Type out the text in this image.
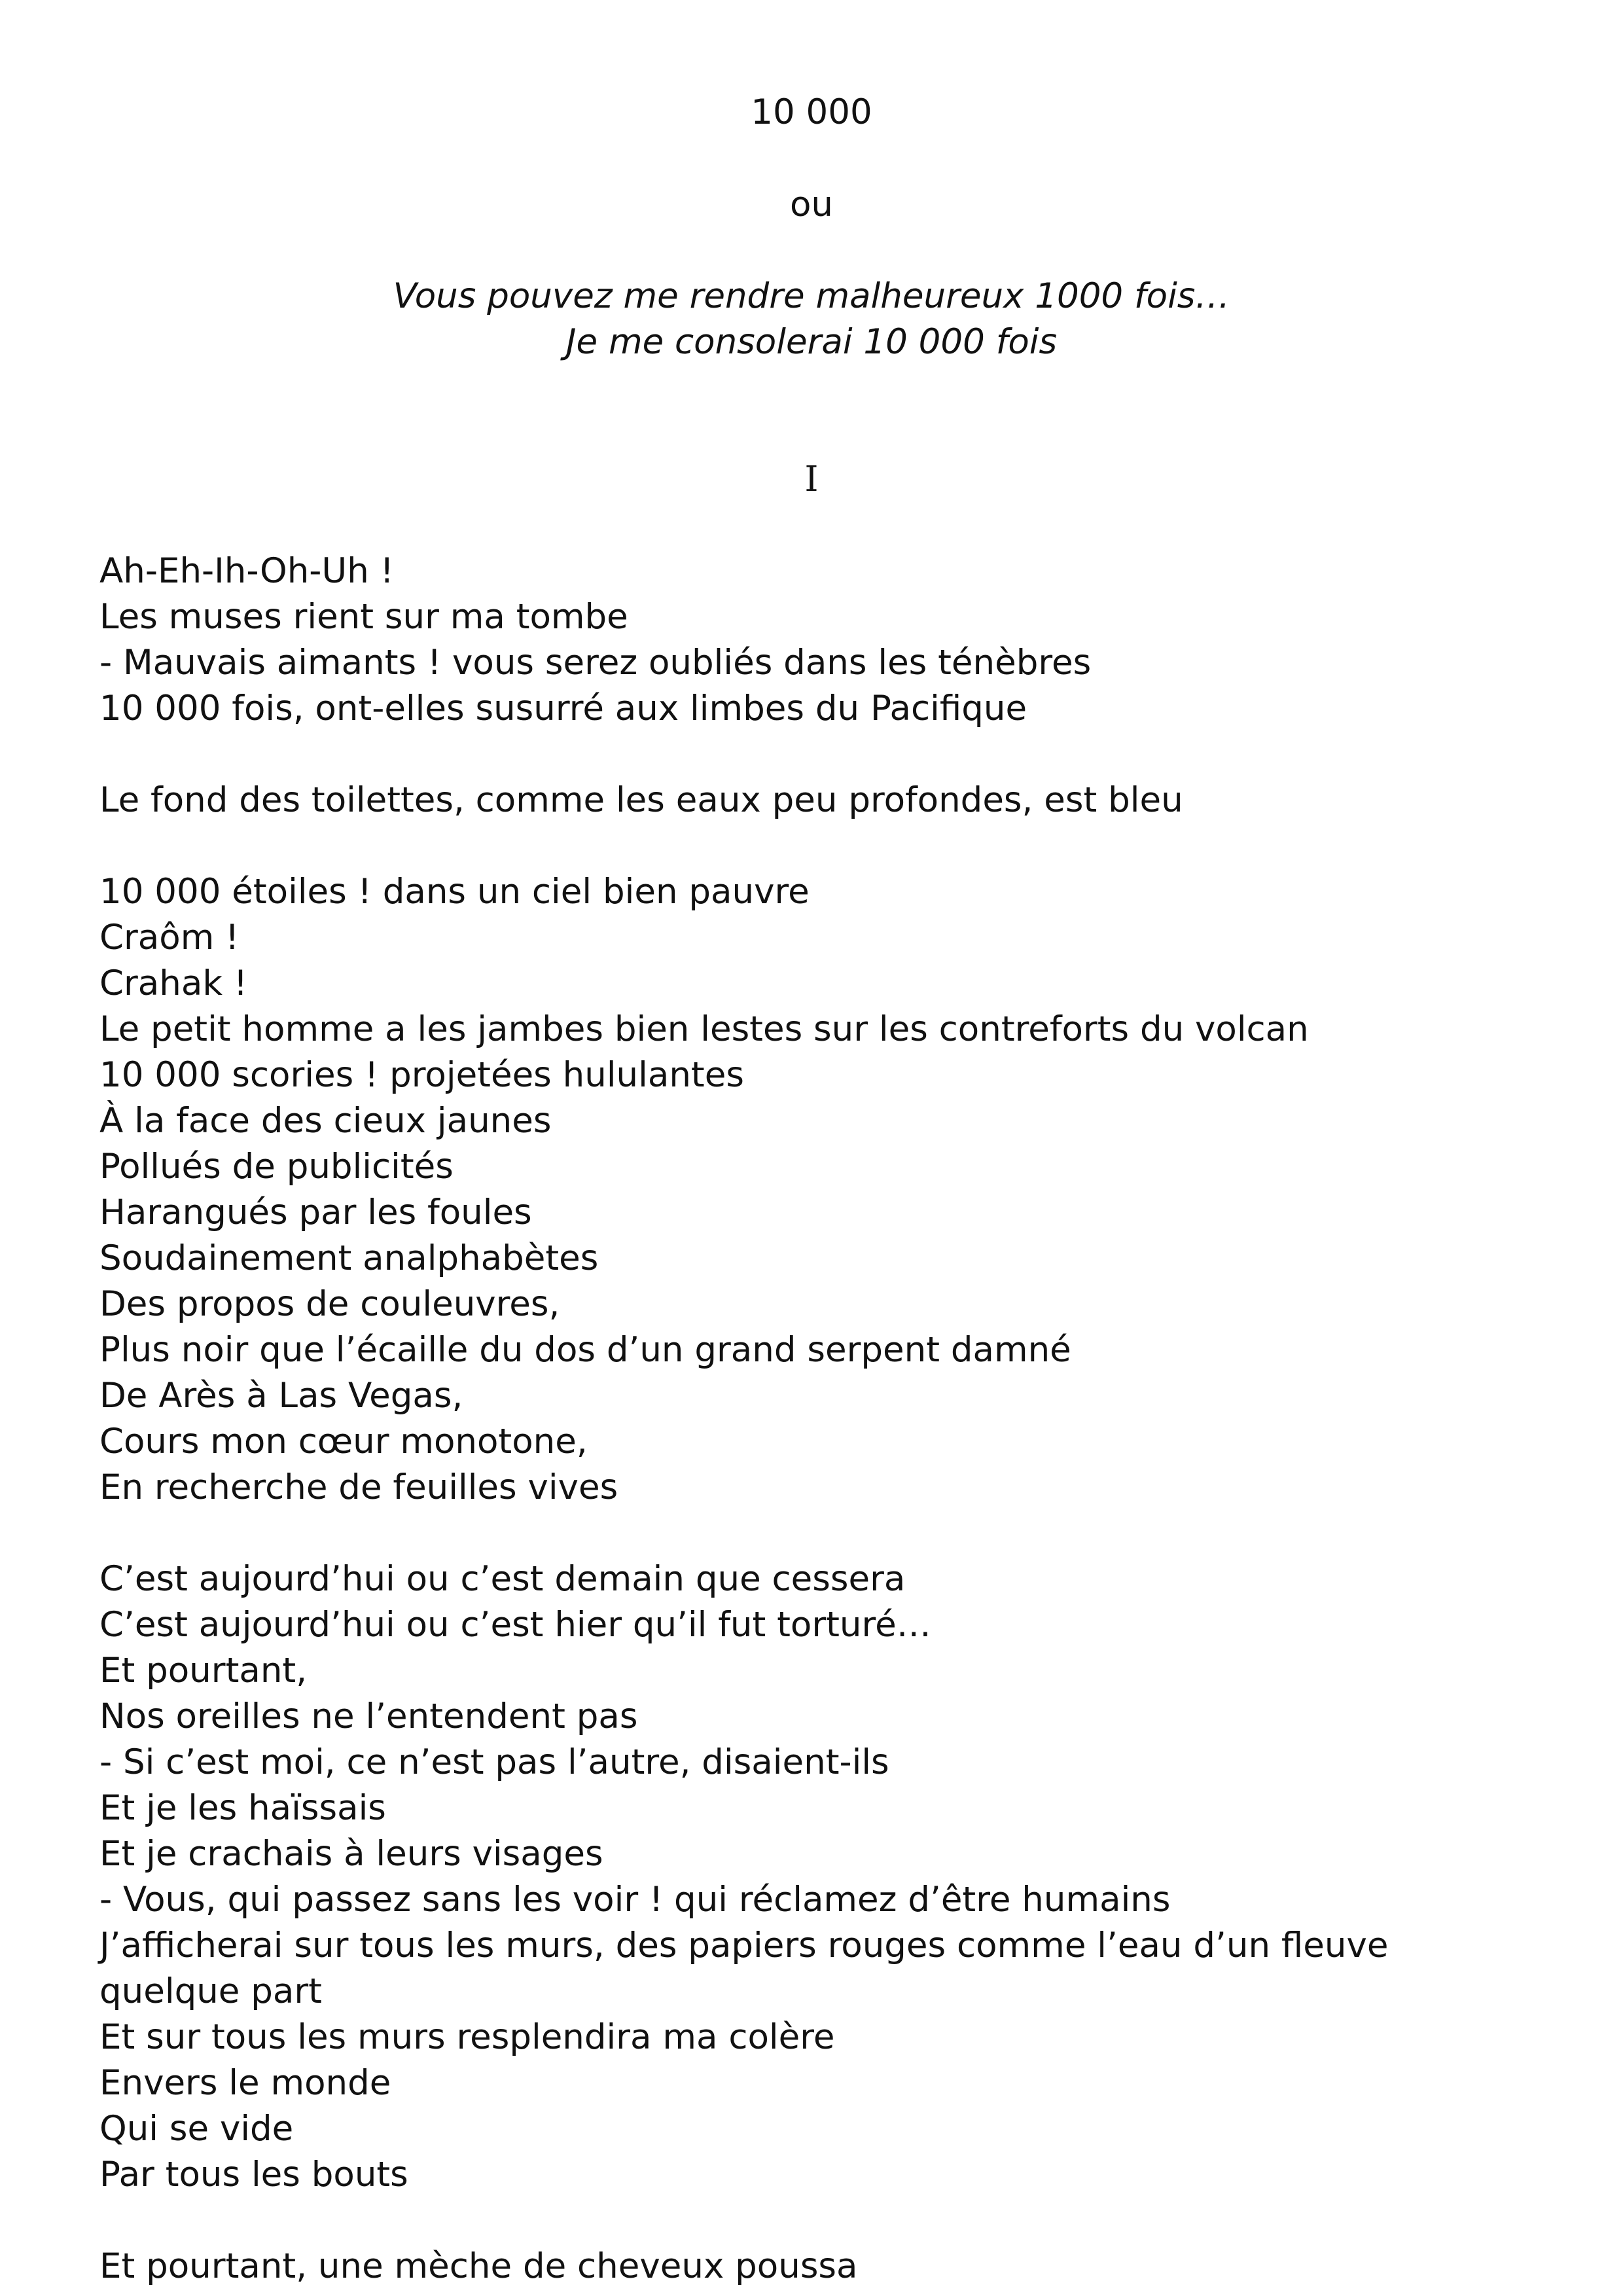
10 000

ou

Vous pouvez me rendre malheureux 1000 fois…
Je me consolerai 10 000 fois

I

Ah-Eh-Ih-Oh-Uh !
Les muses rient sur ma tombe
- Mauvais aimants ! vous serez oubliés dans les ténèbres
10 000 fois, ont-elles susurré aux limbes du Pacifique
Le fond des toilettes, comme les eaux peu profondes, est bleu
10 000 étoiles ! dans un ciel bien pauvre
Craôm !
Crahak !
Le petit homme a les jambes bien lestes sur les contreforts du volcan
10 000 scories ! projetées hululantes
À la face des cieux jaunes
Pollués de publicités
Harangués par les foules
Soudainement analphabètes
Des propos de couleuvres,
Plus noir que l’écaille du dos d’un grand serpent damné
De Arès à Las Vegas,
Cours mon cœur monotone,
En recherche de feuilles vives
C’est aujourd’hui ou c’est demain que cessera
C’est aujourd’hui ou c’est hier qu’il fut torturé…
Et pourtant,
Nos oreilles ne l’entendent pas
- Si c’est moi, ce n’est pas l’autre, disaient-ils
Et je les haïssais
Et je crachais à leurs visages
- Vous, qui passez sans les voir ! qui réclamez d’être humains
J’afficherai sur tous les murs, des papiers rouges comme l’eau d’un fleuve quelque part
Et sur tous les murs resplendira ma colère
Envers le monde
Qui se vide
Par tous les bouts
Et pourtant, une mèche de cheveux poussa
